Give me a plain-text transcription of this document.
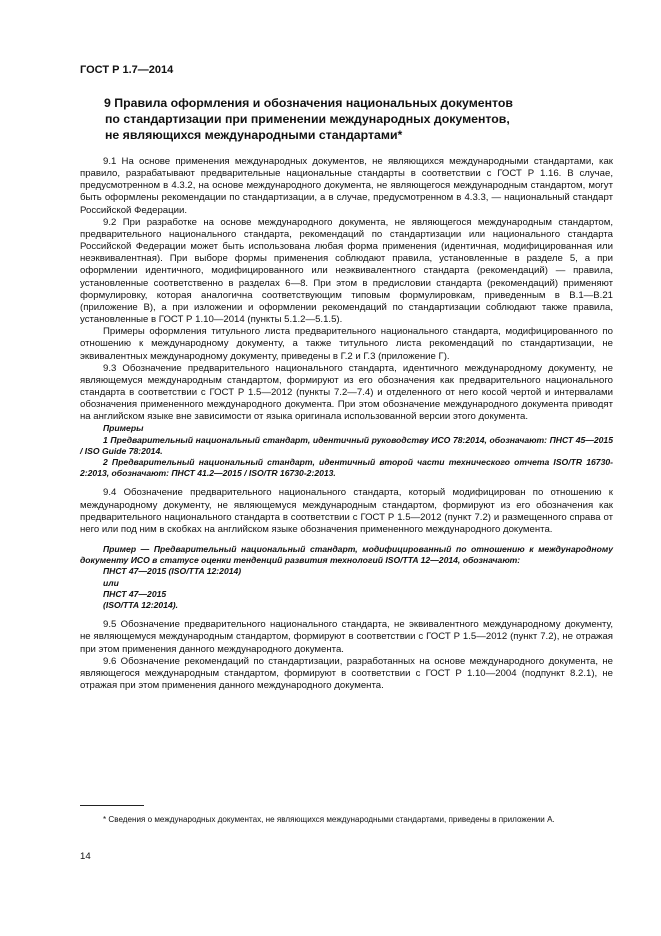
ГОСТ Р 1.7—2014
9 Правила оформления и обозначения национальных документов
по стандартизации при применении международных документов,
не являющихся международными стандартами*

9.1 На основе применения международных документов, не являющихся международными стандартами, как правило, разрабатывают предварительные национальные стандарты в соответствии с ГОСТ Р 1.16. В случае, предусмотренном в 4.3.2, на основе международного документа, не являющегося международным стандартом, могут быть оформлены рекомендации по стандартизации, а в случае, предусмотренном в 4.3.3, — национальный стандарт Российской Федерации.

9.2 При разработке на основе международного документа, не являющегося международным стандартом, предварительного национального стандарта, рекомендаций по стандартизации или национального стандарта Российской Федерации может быть использована любая форма применения (идентичная, модифицированная или неэквивалентная). При выборе формы применения соблюдают правила, установленные в разделе 5, а при оформлении идентичного, модифицированного или неэквивалентного стандарта (рекомендаций) — правила, установленные соответственно в разделах 6—8. При этом в предисловии стандарта (рекомендаций) применяют формулировку, которая аналогична соответствующим типовым формулировкам, приведенным в В.1—В.21 (приложение В), а при изложении и оформлении рекомендаций по стандартизации соблюдают также правила, установленные в ГОСТ Р 1.10—2014 (пункты 5.1.2—5.1.5).

Примеры оформления титульного листа предварительного национального стандарта, модифицированного по отношению к международному документу, а также титульного листа рекомендаций по стандартизации, не эквивалентных международному документу, приведены в Г.2 и Г.3 (приложение Г).

9.3 Обозначение предварительного национального стандарта, идентичного международному документу, не являющемуся международным стандартом, формируют из его обозначения как предварительного национального стандарта в соответствии с ГОСТ Р 1.5—2012 (пункты 7.2—7.4) и отделенного от него косой чертой и интервалами обозначения примененного международного документа. При этом обозначение международного документа приводят на английском языке вне зависимости от языка оригинала использованной версии этого документа.

Примеры

1 Предварительный национальный стандарт, идентичный руководству ИСО 78:2014, обозначают: ПНСТ 45—2015 / ISO Guide 78:2014.

2 Предварительный национальный стандарт, идентичный второй части технического отчета ISO/TR 16730-2:2013, обозначают: ПНСТ 41.2—2015 / ISO/TR 16730-2:2013.

9.4 Обозначение предварительного национального стандарта, который модифицирован по отношению к международному документу, не являющемуся международным стандартом, формируют из его обозначения как предварительного национального стандарта в соответствии с ГОСТ Р 1.5—2012 (пункт 7.2) и размещенного справа от него или под ним в скобках на английском языке обозначения примененного международного документа.

Пример — Предварительный национальный стандарт, модифицированный по отношению к международному документу ИСО в статусе оценки тенденций развития технологий ISO/TTA 12—2014, обозначают:

ПНСТ 47—2015 (ISO/TTA 12:2014)

или

ПНСТ 47—2015

(ISO/TTA 12:2014).

9.5 Обозначение предварительного национального стандарта, не эквивалентного международному документу, не являющемуся международным стандартом, формируют в соответствии с ГОСТ Р 1.5—2012 (пункт 7.2), не отражая при этом применения данного международного документа.

9.6 Обозначение рекомендаций по стандартизации, разработанных на основе международного документа, не являющегося международным стандартом, формируют в соответствии с ГОСТ Р 1.10—2004 (подпункт 8.2.1), не отражая при этом применения данного международного документа.

* Сведения о международных документах, не являющихся международными стандартами, приведены в приложении А.
14
